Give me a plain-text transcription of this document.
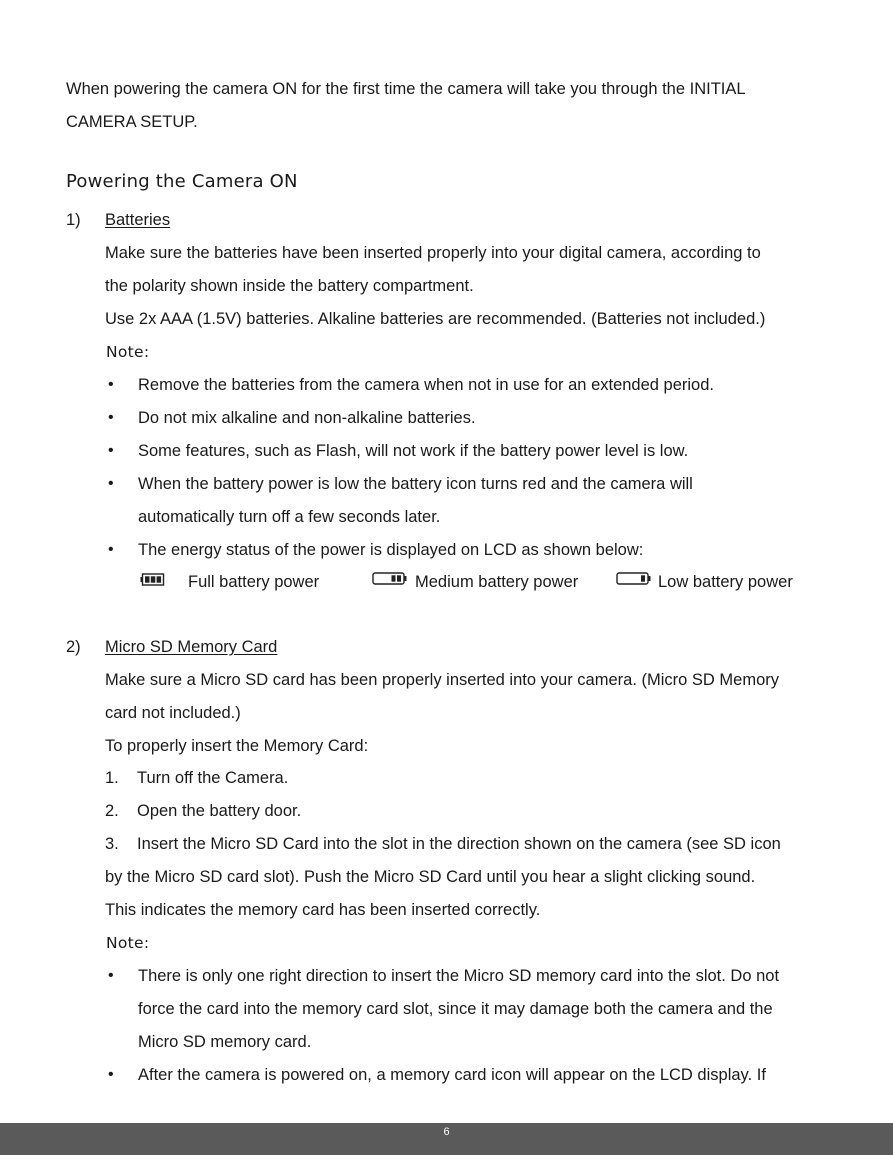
When powering the camera ON for the first time the camera will take you through the INITIAL
CAMERA SETUP.
Powering the Camera ON
1) Batteries
Make sure the batteries have been inserted properly into your digital camera, according to
the polarity shown inside the battery compartment.
Use 2x AAA (1.5V) batteries. Alkaline batteries are recommended. (Batteries not included.)
Note:
• Remove the batteries from the camera when not in use for an extended period.
• Do not mix alkaline and non-alkaline batteries.
• Some features, such as Flash, will not work if the battery power level is low.
• When the battery power is low the battery icon turns red and the camera will
automatically turn off a few seconds later.
• The energy status of the power is displayed on LCD as shown below:
Full battery power	Medium battery power	Low battery power
2) Micro SD Memory Card
Make sure a Micro SD card has been properly inserted into your camera. (Micro SD Memory
card not included.)
To properly insert the Memory Card:
1. Turn off the Camera.
2. Open the battery door.
3. Insert the Micro SD Card into the slot in the direction shown on the camera (see SD icon
by the Micro SD card slot). Push the Micro SD Card until you hear a slight clicking sound.
This indicates the memory card has been inserted correctly.
Note:
• There is only one right direction to insert the Micro SD memory card into the slot. Do not
force the card into the memory card slot, since it may damage both the camera and the
Micro SD memory card.
• After the camera is powered on, a memory card icon will appear on the LCD display. If
6
